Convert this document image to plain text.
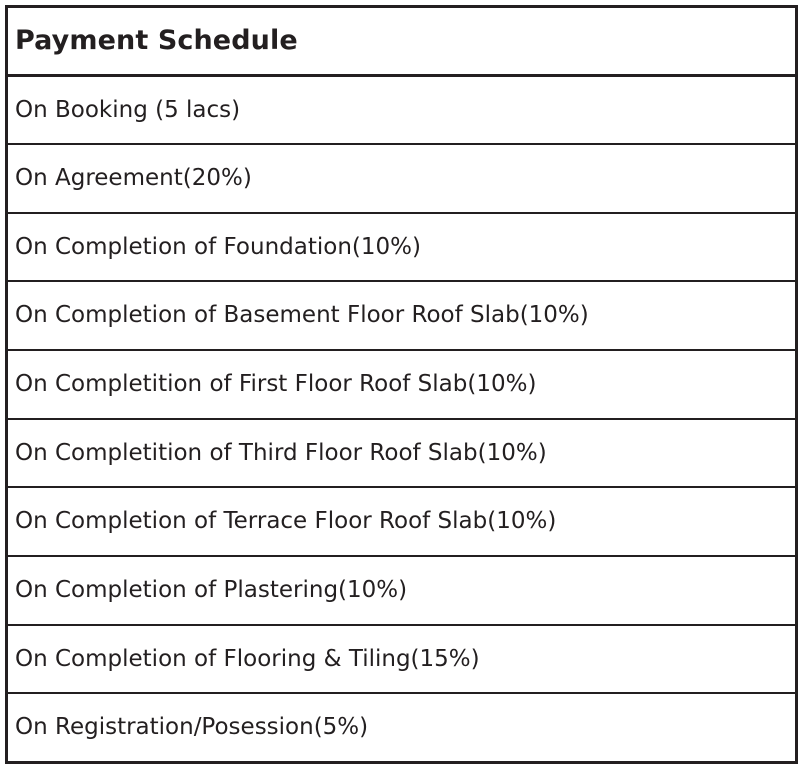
Payment Schedule

On Booking (5 lacs)

On Agreement(20%)

On Completion of Foundation(10%)

On Completion of Basement Floor Roof Slab(10%)

On Completition of First Floor Roof Slab(10%)

On Completition of Third Floor Roof Slab(10%)

On Completion of Terrace Floor Roof Slab(10%)

On Completion of Plastering(10%)

On Completion of Flooring & Tiling(15%)

On Registration/Posession(5%)
